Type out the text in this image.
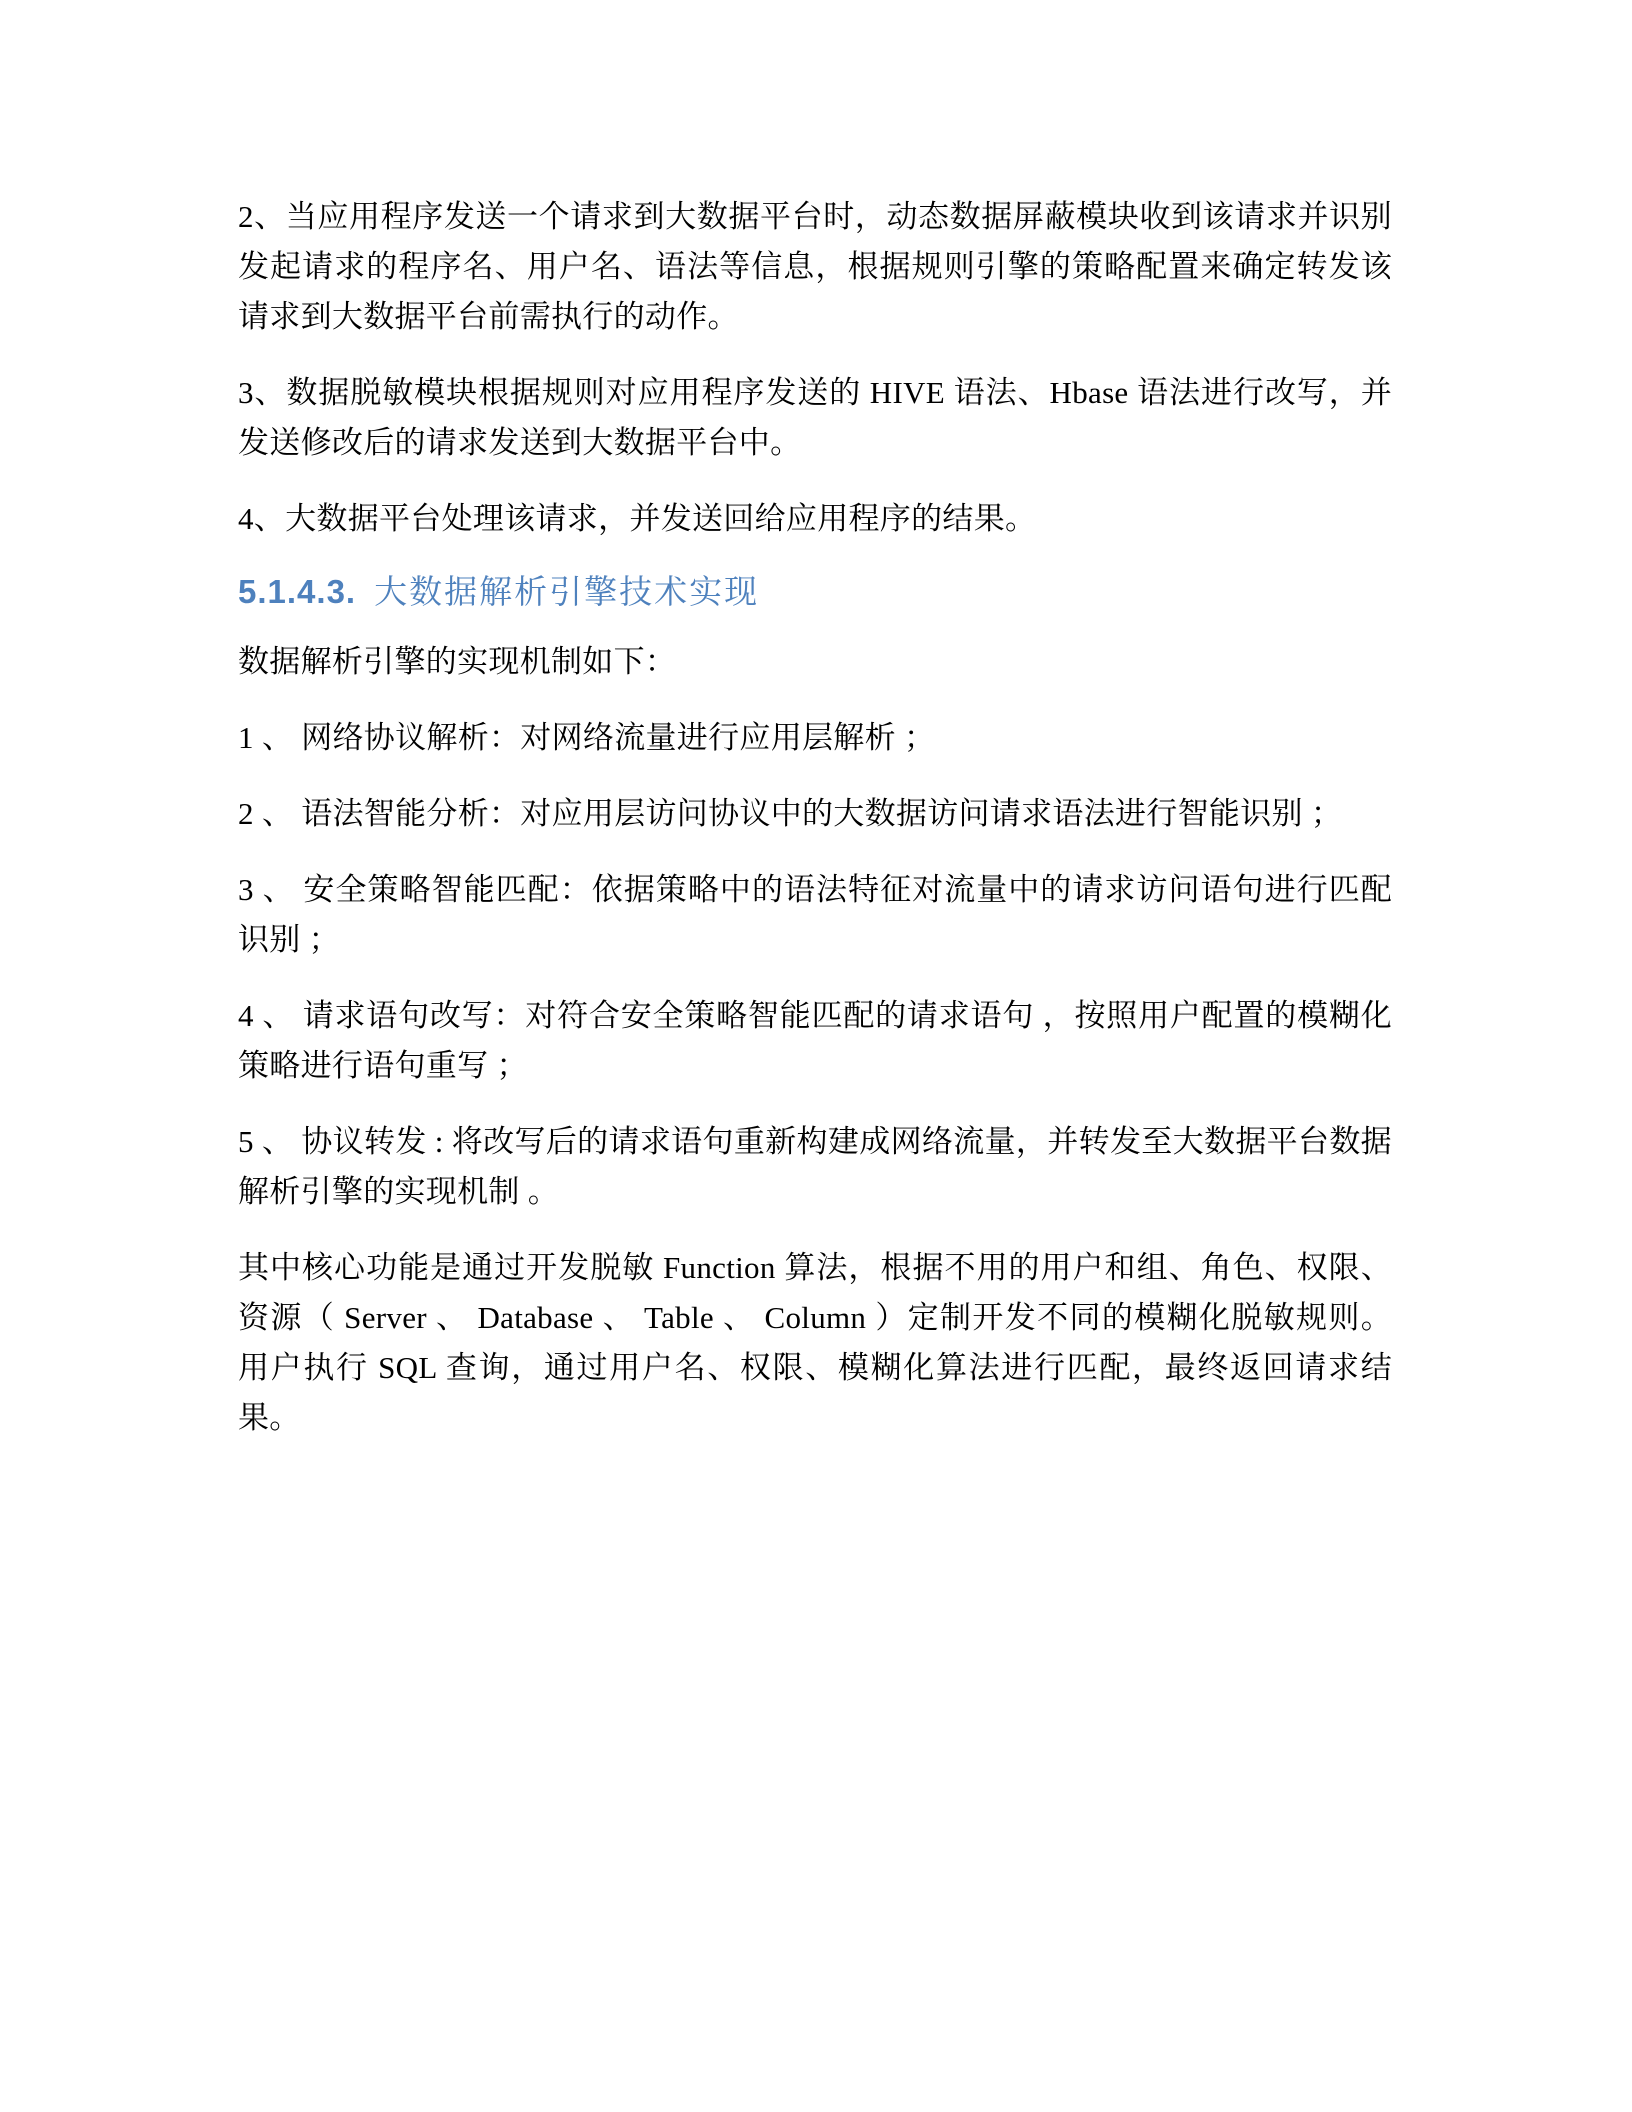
2、当应用程序发送一个请求到大数据平台时，动态数据屏蔽模块收到该请求并识别发起请求的程序名、用户名、语法等信息，根据规则引擎的策略配置来确定转发该请求到大数据平台前需执行的动作。

3、数据脱敏模块根据规则对应用程序发送的 HIVE 语法、Hbase 语法进行改写，并发送修改后的请求发送到大数据平台中。

4、大数据平台处理该请求，并发送回给应用程序的结果。

5.1.4.3. 大数据解析引擎技术实现

数据解析引擎的实现机制如下：

1 、 网络协议解析：对网络流量进行应用层解析 ；

2 、 语法智能分析：对应用层访问协议中的大数据访问请求语法进行智能识别 ；

3 、 安全策略智能匹配：依据策略中的语法特征对流量中的请求访问语句进行匹配识别 ；

4 、 请求语句改写：对符合安全策略智能匹配的请求语句 ，按照用户配置的模糊化策略进行语句重写 ；

5 、 协议转发 : 将改写后的请求语句重新构建成网络流量，并转发至大数据平台数据解析引擎的实现机制 。

其中核心功能是通过开发脱敏 Function 算法，根据不用的用户和组、角色、权限、资源（ Server 、 Database 、 Table 、 Column ）定制开发不同的模糊化脱敏规则。用户执行 SQL 查询，通过用户名、权限、模糊化算法进行匹配，最终返回请求结果。
